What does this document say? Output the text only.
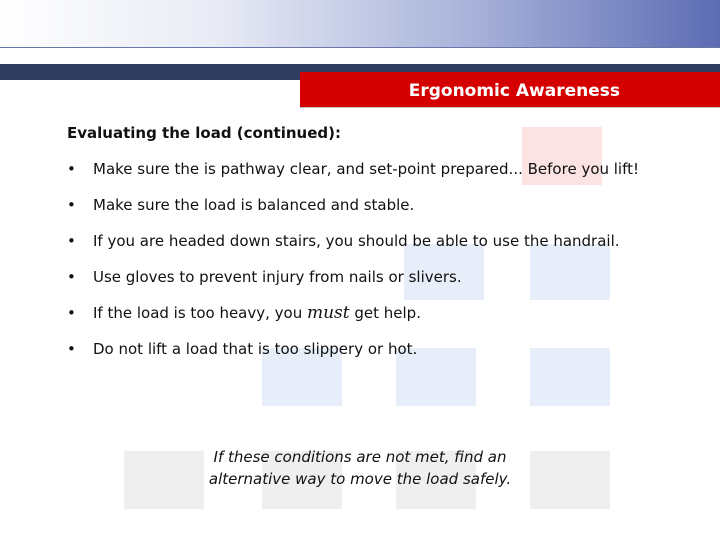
Ergonomic Awareness
Evaluating the load (continued):
• Make sure the is pathway clear, and set-point prepared... Before you lift!
• Make sure the load is balanced and stable.
• If you are headed down stairs, you should be able to use the handrail.
• Use gloves to prevent injury from nails or slivers.
• If the load is too heavy, you must get help.
• Do not lift a load that is too slippery or hot.
If these conditions are not met, find an
alternative way to move the load safely.
